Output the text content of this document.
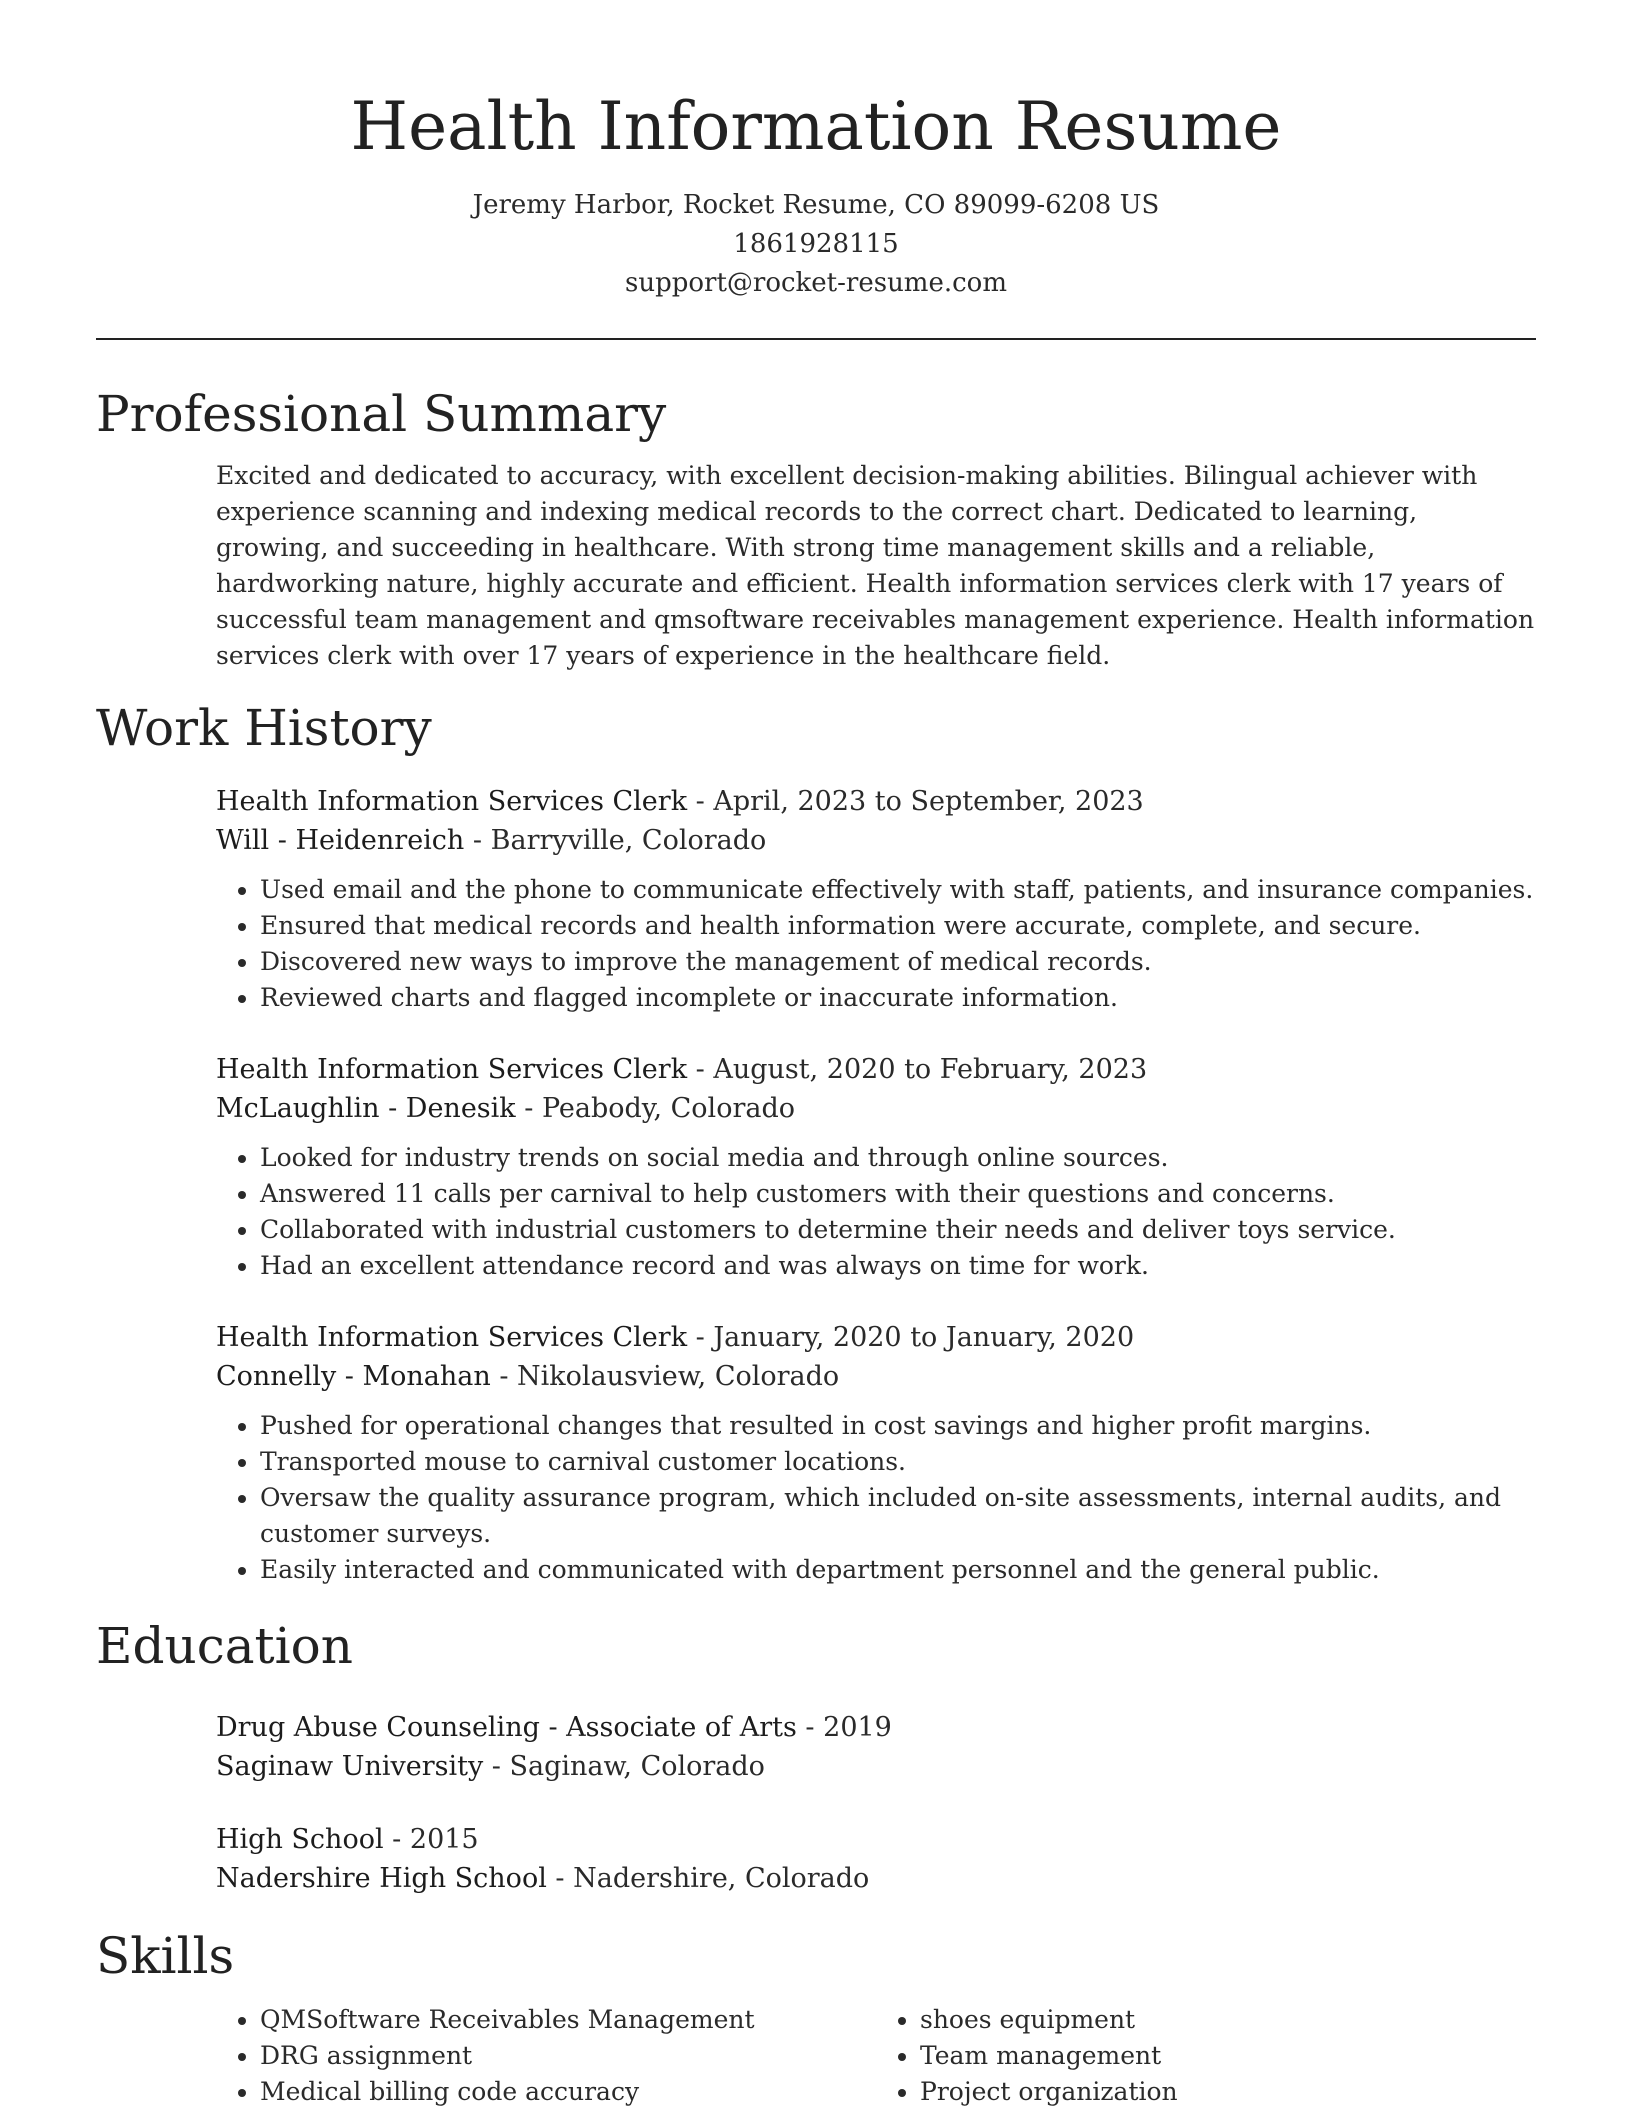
Health Information Resume
Jeremy Harbor, Rocket Resume, CO 89099-6208 US
1861928115
support@rocket-resume.com
Professional Summary
Excited and dedicated to accuracy, with excellent decision-making abilities. Bilingual achiever with experience scanning and indexing medical records to the correct chart. Dedicated to learning, growing, and succeeding in healthcare. With strong time management skills and a reliable, hardworking nature, highly accurate and efficient. Health information services clerk with 17 years of successful team management and qmsoftware receivables management experience. Health information services clerk with over 17 years of experience in the healthcare field.
Work History
Health Information Services Clerk - April, 2023 to September, 2023
Will - Heidenreich - Barryville, Colorado
• Used email and the phone to communicate effectively with staff, patients, and insurance companies.
• Ensured that medical records and health information were accurate, complete, and secure.
• Discovered new ways to improve the management of medical records.
• Reviewed charts and flagged incomplete or inaccurate information.
Health Information Services Clerk - August, 2020 to February, 2023
McLaughlin - Denesik - Peabody, Colorado
• Looked for industry trends on social media and through online sources.
• Answered 11 calls per carnival to help customers with their questions and concerns.
• Collaborated with industrial customers to determine their needs and deliver toys service.
• Had an excellent attendance record and was always on time for work.
Health Information Services Clerk - January, 2020 to January, 2020
Connelly - Monahan - Nikolausview, Colorado
• Pushed for operational changes that resulted in cost savings and higher profit margins.
• Transported mouse to carnival customer locations.
• Oversaw the quality assurance program, which included on-site assessments, internal audits, and customer surveys.
• Easily interacted and communicated with department personnel and the general public.
Education
Drug Abuse Counseling - Associate of Arts - 2019
Saginaw University - Saginaw, Colorado
High School - 2015
Nadershire High School - Nadershire, Colorado
Skills
• QMSoftware Receivables Management
• DRG assignment
• Medical billing code accuracy
• shoes equipment
• Team management
• Project organization
